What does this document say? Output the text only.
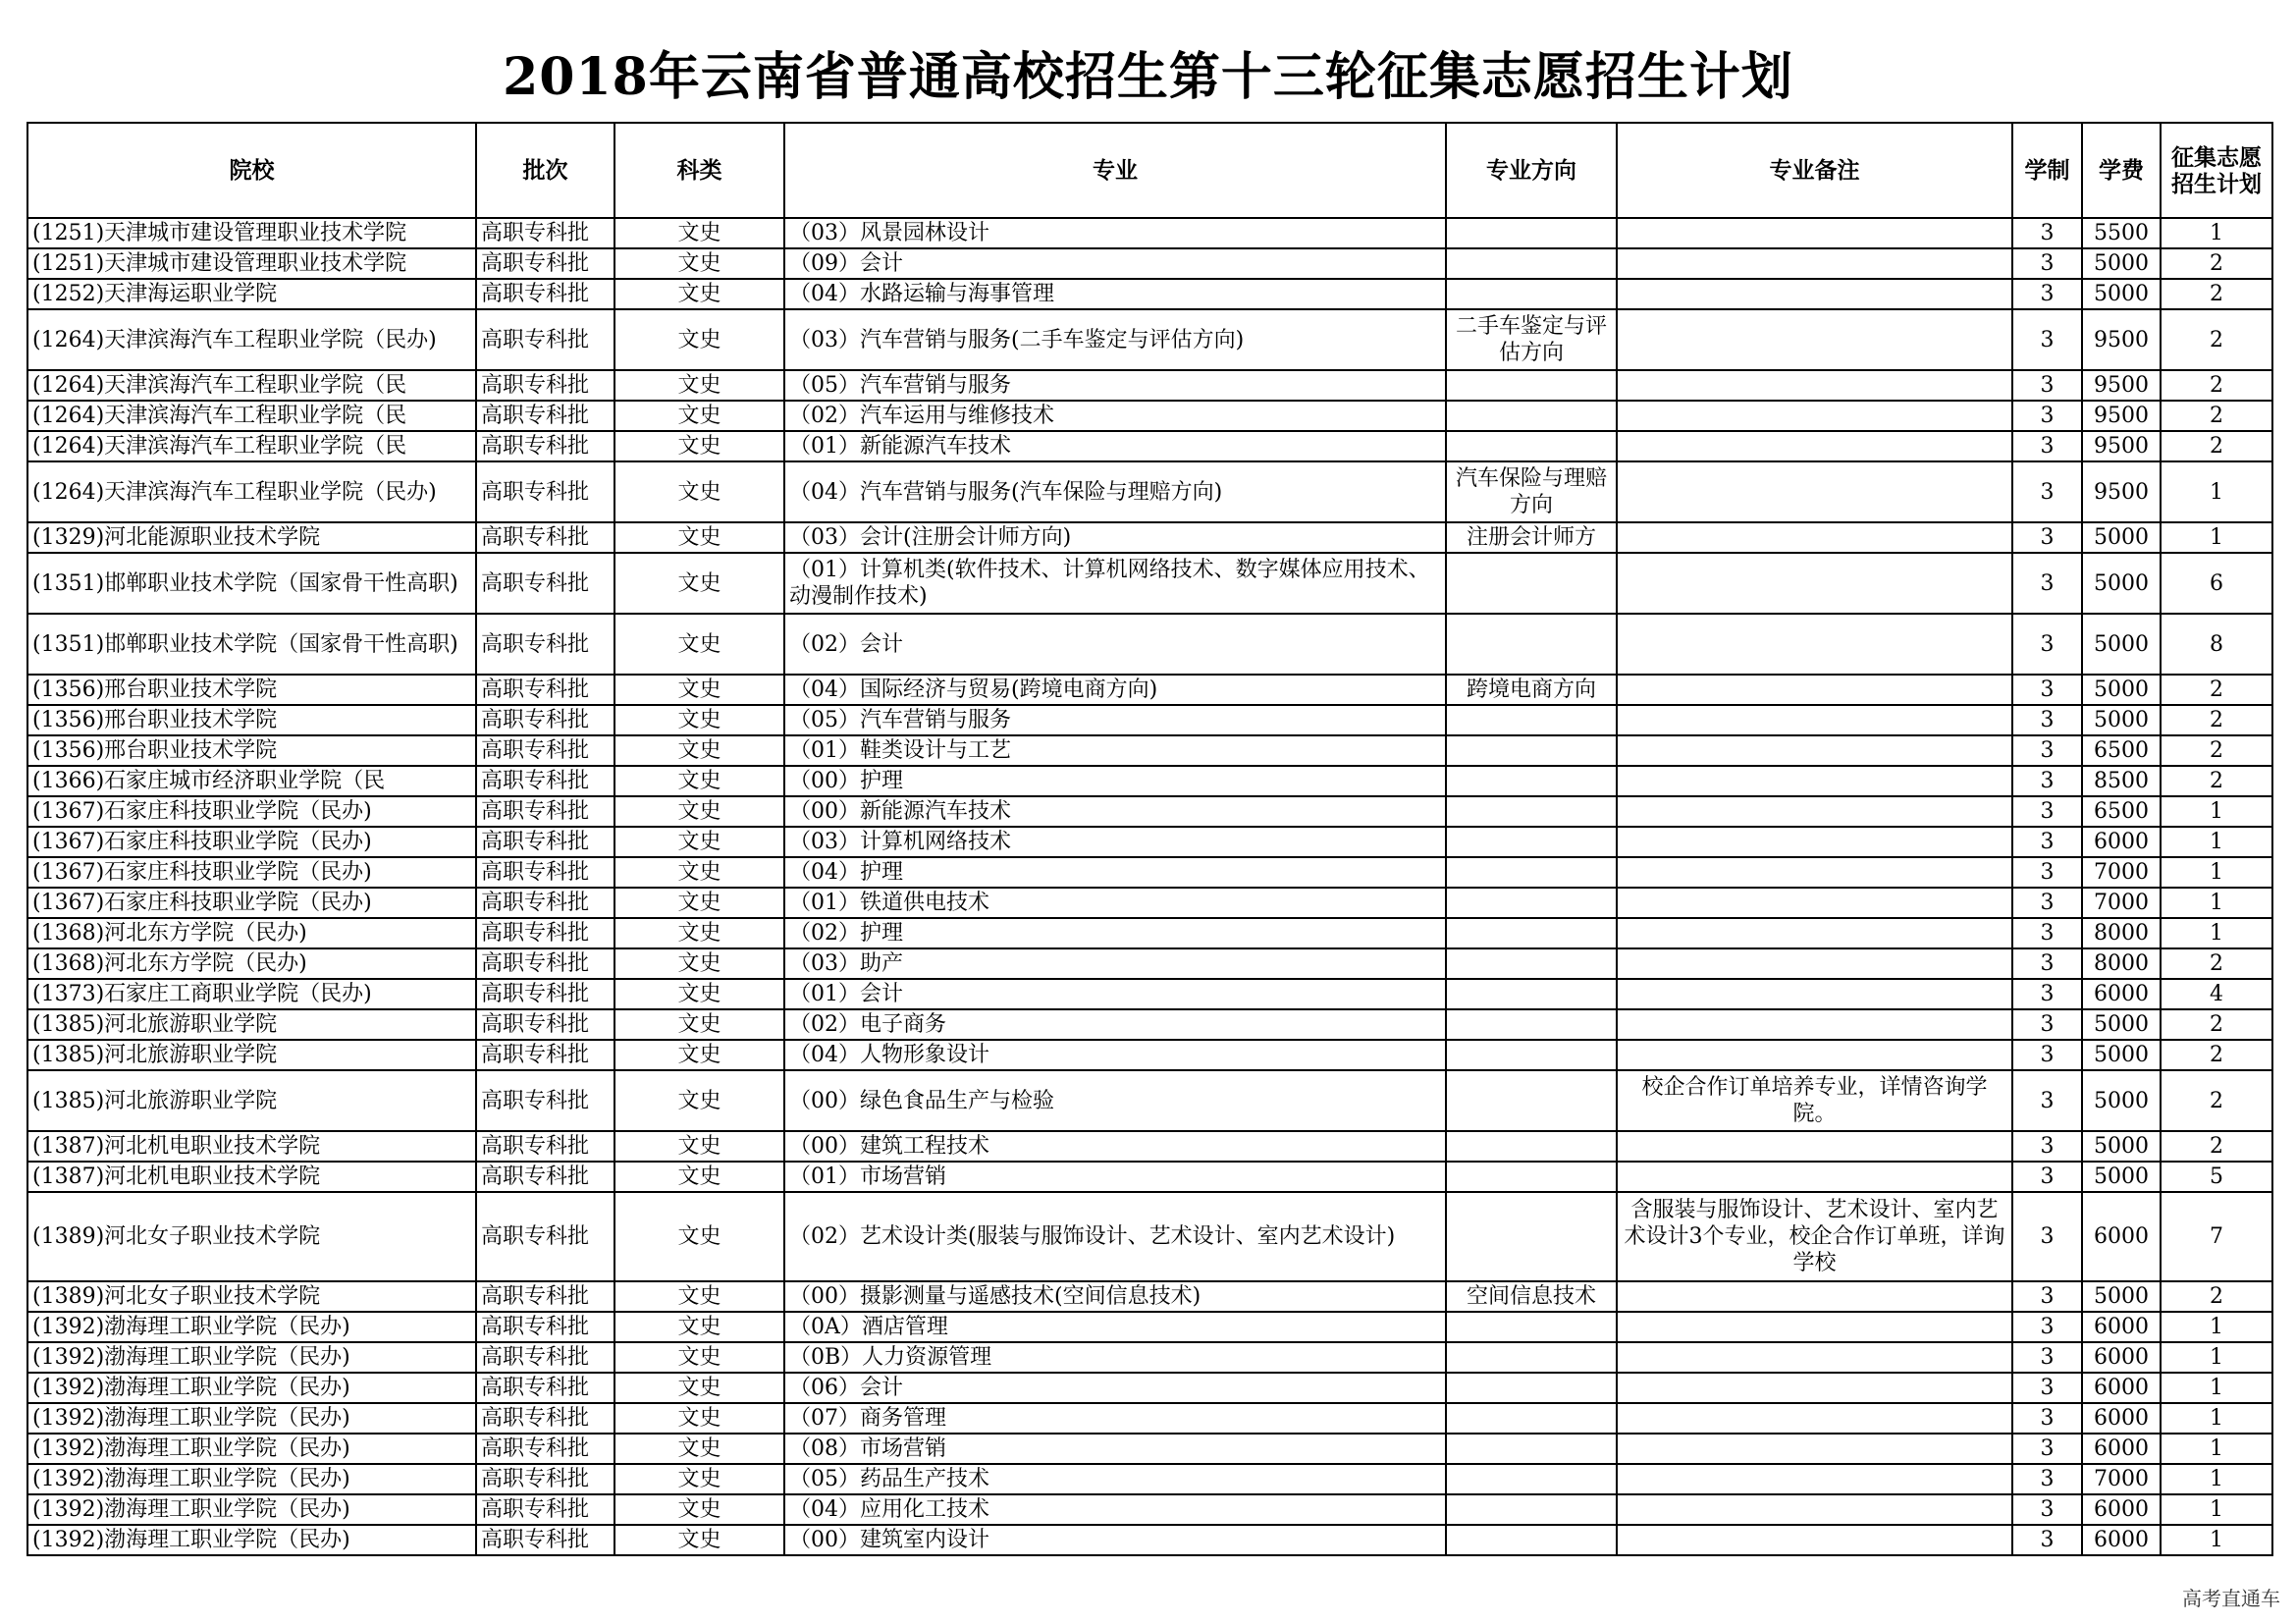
2018年云南省普通高校招生第十三轮征集志愿招生计划
院校	批次	科类	专业	专业方向	专业备注	学制	学费	征集志愿招生计划
(1251)天津城市建设管理职业技术学院	高职专科批	文史	（03）风景园林设计			3	5500	1
(1251)天津城市建设管理职业技术学院	高职专科批	文史	（09）会计			3	5000	2
(1252)天津海运职业学院	高职专科批	文史	（04）水路运输与海事管理			3	5000	2
(1264)天津滨海汽车工程职业学院（民办)	高职专科批	文史	（03）汽车营销与服务(二手车鉴定与评估方向)	二手车鉴定与评估方向		3	9500	2
(1264)天津滨海汽车工程职业学院（民	高职专科批	文史	（05）汽车营销与服务			3	9500	2
(1264)天津滨海汽车工程职业学院（民	高职专科批	文史	（02）汽车运用与维修技术			3	9500	2
(1264)天津滨海汽车工程职业学院（民	高职专科批	文史	（01）新能源汽车技术			3	9500	2
(1264)天津滨海汽车工程职业学院（民办)	高职专科批	文史	（04）汽车营销与服务(汽车保险与理赔方向)	汽车保险与理赔方向		3	9500	1
(1329)河北能源职业技术学院	高职专科批	文史	（03）会计(注册会计师方向)	注册会计师方		3	5000	1
(1351)邯郸职业技术学院（国家骨干性高职)	高职专科批	文史	（01）计算机类(软件技术、计算机网络技术、数字媒体应用技术、动漫制作技术)			3	5000	6
(1351)邯郸职业技术学院（国家骨干性高职)	高职专科批	文史	（02）会计			3	5000	8
(1356)邢台职业技术学院	高职专科批	文史	（04）国际经济与贸易(跨境电商方向)	跨境电商方向		3	5000	2
(1356)邢台职业技术学院	高职专科批	文史	（05）汽车营销与服务			3	5000	2
(1356)邢台职业技术学院	高职专科批	文史	（01）鞋类设计与工艺			3	6500	2
(1366)石家庄城市经济职业学院（民	高职专科批	文史	（00）护理			3	8500	2
(1367)石家庄科技职业学院（民办)	高职专科批	文史	（00）新能源汽车技术			3	6500	1
(1367)石家庄科技职业学院（民办)	高职专科批	文史	（03）计算机网络技术			3	6000	1
(1367)石家庄科技职业学院（民办)	高职专科批	文史	（04）护理			3	7000	1
(1367)石家庄科技职业学院（民办)	高职专科批	文史	（01）铁道供电技术			3	7000	1
(1368)河北东方学院（民办)	高职专科批	文史	（02）护理			3	8000	1
(1368)河北东方学院（民办)	高职专科批	文史	（03）助产			3	8000	2
(1373)石家庄工商职业学院（民办)	高职专科批	文史	（01）会计			3	6000	4
(1385)河北旅游职业学院	高职专科批	文史	（02）电子商务			3	5000	2
(1385)河北旅游职业学院	高职专科批	文史	（04）人物形象设计			3	5000	2
(1385)河北旅游职业学院	高职专科批	文史	（00）绿色食品生产与检验		校企合作订单培养专业，详情咨询学院。	3	5000	2
(1387)河北机电职业技术学院	高职专科批	文史	（00）建筑工程技术			3	5000	2
(1387)河北机电职业技术学院	高职专科批	文史	（01）市场营销			3	5000	5
(1389)河北女子职业技术学院	高职专科批	文史	（02）艺术设计类(服装与服饰设计、艺术设计、室内艺术设计)		含服装与服饰设计、艺术设计、室内艺术设计3个专业，校企合作订单班，详询学校	3	6000	7
(1389)河北女子职业技术学院	高职专科批	文史	（00）摄影测量与遥感技术(空间信息技术)	空间信息技术		3	5000	2
(1392)渤海理工职业学院（民办)	高职专科批	文史	（0A）酒店管理			3	6000	1
(1392)渤海理工职业学院（民办)	高职专科批	文史	（0B）人力资源管理			3	6000	1
(1392)渤海理工职业学院（民办)	高职专科批	文史	（06）会计			3	6000	1
(1392)渤海理工职业学院（民办)	高职专科批	文史	（07）商务管理			3	6000	1
(1392)渤海理工职业学院（民办)	高职专科批	文史	（08）市场营销			3	6000	1
(1392)渤海理工职业学院（民办)	高职专科批	文史	（05）药品生产技术			3	7000	1
(1392)渤海理工职业学院（民办)	高职专科批	文史	（04）应用化工技术			3	6000	1
(1392)渤海理工职业学院（民办)	高职专科批	文史	（00）建筑室内设计			3	6000	1
高考直通车
